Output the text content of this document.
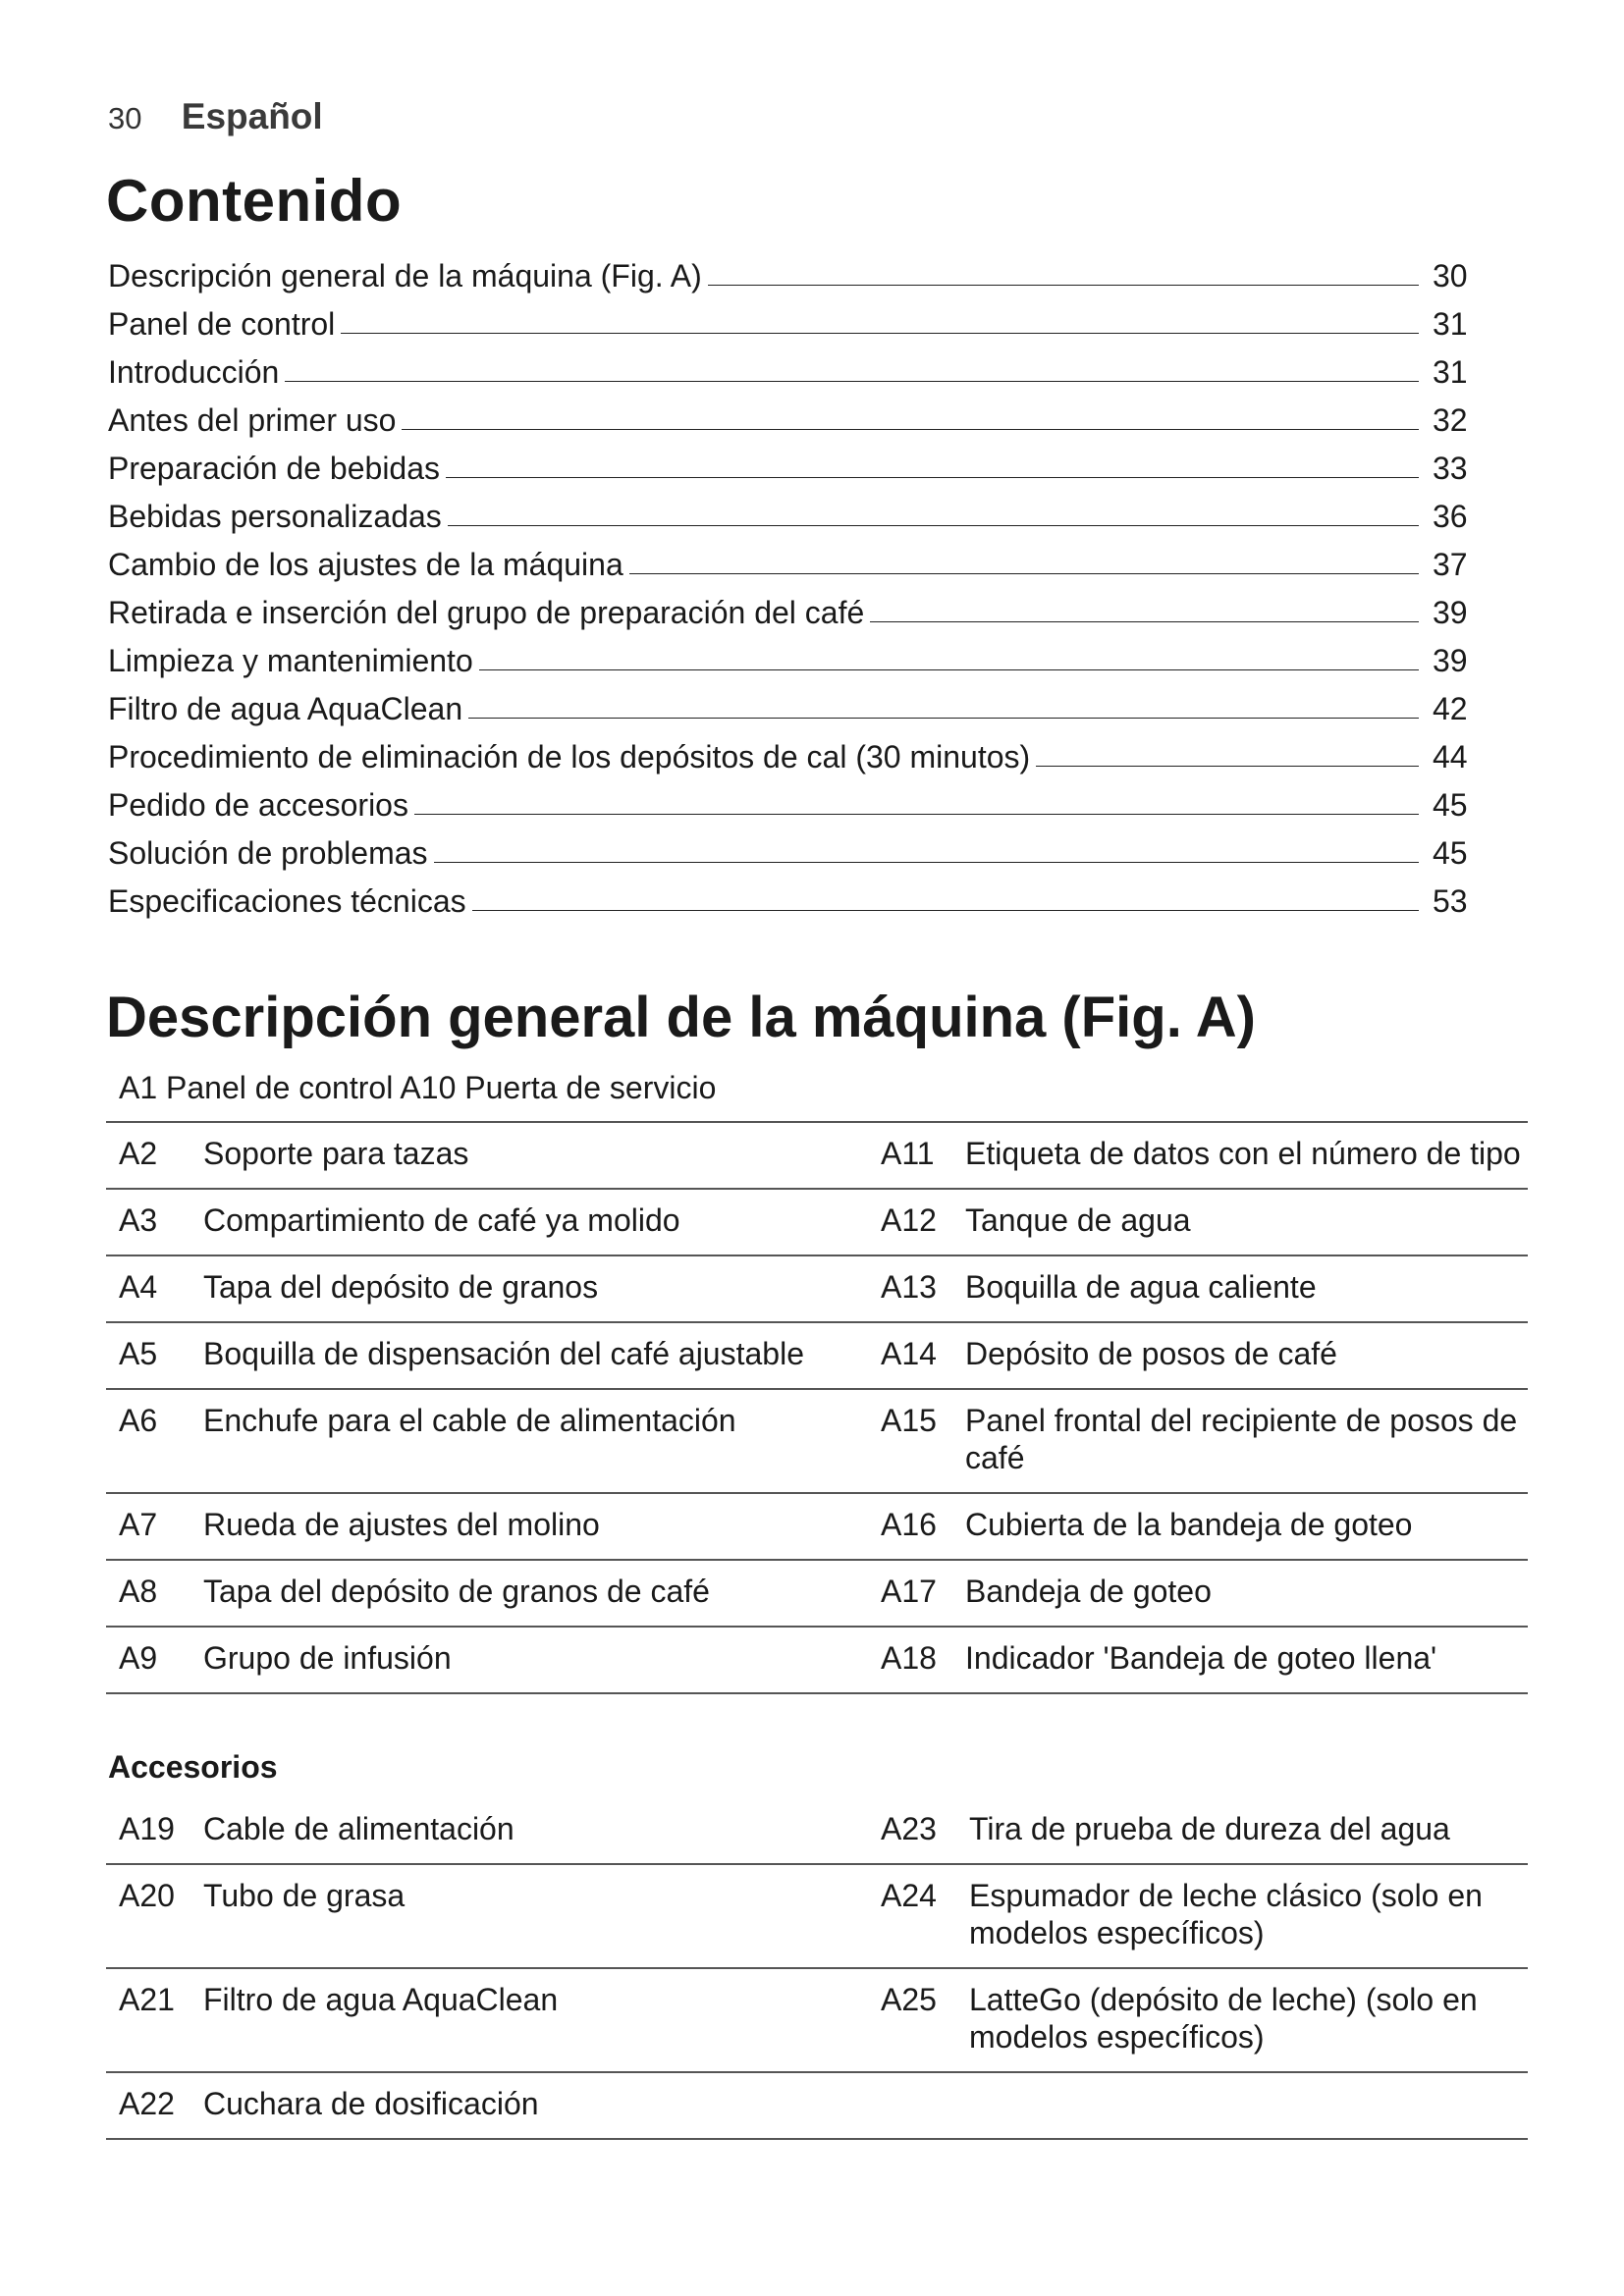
30 Español
Contenido
Descripción general de la máquina (Fig. A)	30
Panel de control	31
Introducción	31
Antes del primer uso	32
Preparación de bebidas	33
Bebidas personalizadas	36
Cambio de los ajustes de la máquina	37
Retirada e inserción del grupo de preparación del café	39
Limpieza y mantenimiento	39
Filtro de agua AquaClean	42
Procedimiento de eliminación de los depósitos de cal (30 minutos)	44
Pedido de accesorios	45
Solución de problemas	45
Especificaciones técnicas	53
Descripción general de la máquina (Fig. A)
A1 Panel de control A10 Puerta de servicio
A2	Soporte para tazas	A11	Etiqueta de datos con el número de tipo
A3	Compartimiento de café ya molido	A12	Tanque de agua
A4	Tapa del depósito de granos	A13	Boquilla de agua caliente
A5	Boquilla de dispensación del café ajustable	A14	Depósito de posos de café
A6	Enchufe para el cable de alimentación	A15	Panel frontal del recipiente de posos de café
A7	Rueda de ajustes del molino	A16	Cubierta de la bandeja de goteo
A8	Tapa del depósito de granos de café	A17	Bandeja de goteo
A9	Grupo de infusión	A18	Indicador 'Bandeja de goteo llena'
Accesorios
A19	Cable de alimentación	A23	Tira de prueba de dureza del agua
A20	Tubo de grasa	A24	Espumador de leche clásico (solo en modelos específicos)
A21	Filtro de agua AquaClean	A25	LatteGo (depósito de leche) (solo en modelos específicos)
A22	Cuchara de dosificación		
